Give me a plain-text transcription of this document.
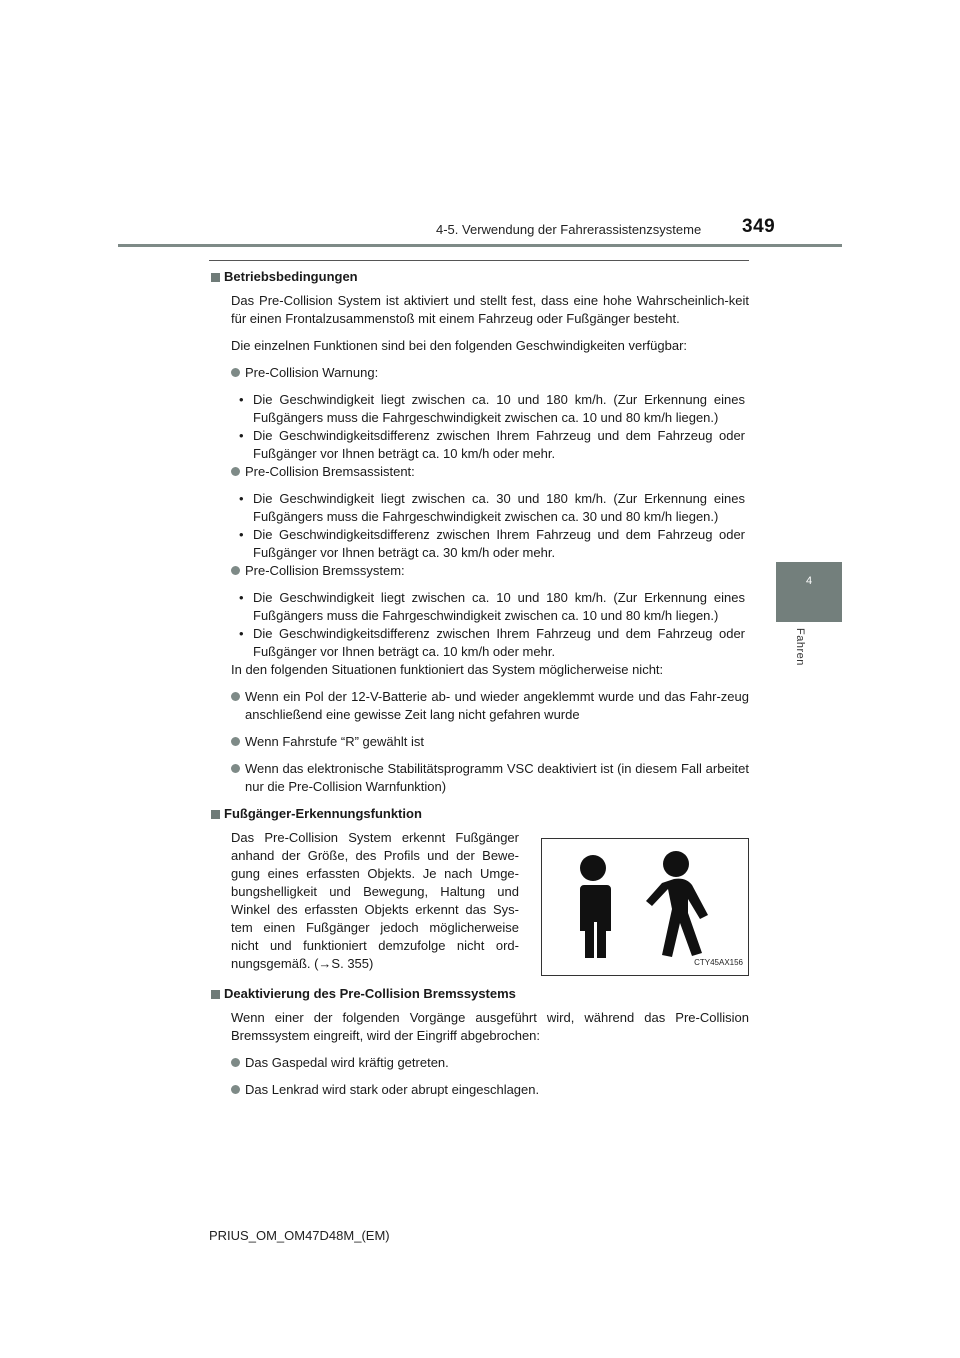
4-5. Verwendung der Fahrerassistenzsysteme 349
4
Fahren
Betriebsbedingungen

Das Pre-Collision System ist aktiviert und stellt fest, dass eine hohe Wahrscheinlich-keit für einen Frontalzusammenstoß mit einem Fahrzeug oder Fußgänger besteht.

Die einzelnen Funktionen sind bei den folgenden Geschwindigkeiten verfügbar:

Pre-Collision Warnung:
• Die Geschwindigkeit liegt zwischen ca. 10 und 180 km/h. (Zur Erkennung eines Fußgängers muss die Fahrgeschwindigkeit zwischen ca. 10 und 80 km/h liegen.)
• Die Geschwindigkeitsdifferenz zwischen Ihrem Fahrzeug und dem Fahrzeug oder Fußgänger vor Ihnen beträgt ca. 10 km/h oder mehr.
Pre-Collision Bremsassistent:
• Die Geschwindigkeit liegt zwischen ca. 30 und 180 km/h. (Zur Erkennung eines Fußgängers muss die Fahrgeschwindigkeit zwischen ca. 30 und 80 km/h liegen.)
• Die Geschwindigkeitsdifferenz zwischen Ihrem Fahrzeug und dem Fahrzeug oder Fußgänger vor Ihnen beträgt ca. 30 km/h oder mehr.
Pre-Collision Bremssystem:
• Die Geschwindigkeit liegt zwischen ca. 10 und 180 km/h. (Zur Erkennung eines Fußgängers muss die Fahrgeschwindigkeit zwischen ca. 10 und 80 km/h liegen.)
• Die Geschwindigkeitsdifferenz zwischen Ihrem Fahrzeug und dem Fahrzeug oder Fußgänger vor Ihnen beträgt ca. 10 km/h oder mehr.

In den folgenden Situationen funktioniert das System möglicherweise nicht:

Wenn ein Pol der 12-V-Batterie ab- und wieder angeklemmt wurde und das Fahr-zeug anschließend eine gewisse Zeit lang nicht gefahren wurde
Wenn Fahrstufe “R” gewählt ist
Wenn das elektronische Stabilitätsprogramm VSC deaktiviert ist (in diesem Fall arbeitet nur die Pre-Collision Warnfunktion)
Fußgänger-Erkennungsfunktion

Das Pre-Collision System erkennt Fußgänger anhand der Größe, des Profils und der Bewe-gung eines erfassten Objekts. Je nach Umge-bungshelligkeit und Bewegung, Haltung und Winkel des erfassten Objekts erkennt das Sys-tem einen Fußgänger jedoch möglicherweise nicht und funktioniert demzufolge nicht ord-nungsgemäß. (→S. 355)	CTY45AX156
Deaktivierung des Pre-Collision Bremssystems

Wenn einer der folgenden Vorgänge ausgeführt wird, während das Pre-Collision Bremssystem eingreift, wird der Eingriff abgebrochen:

Das Gaspedal wird kräftig getreten.
Das Lenkrad wird stark oder abrupt eingeschlagen.
PRIUS_OM_OM47D48M_(EM)
